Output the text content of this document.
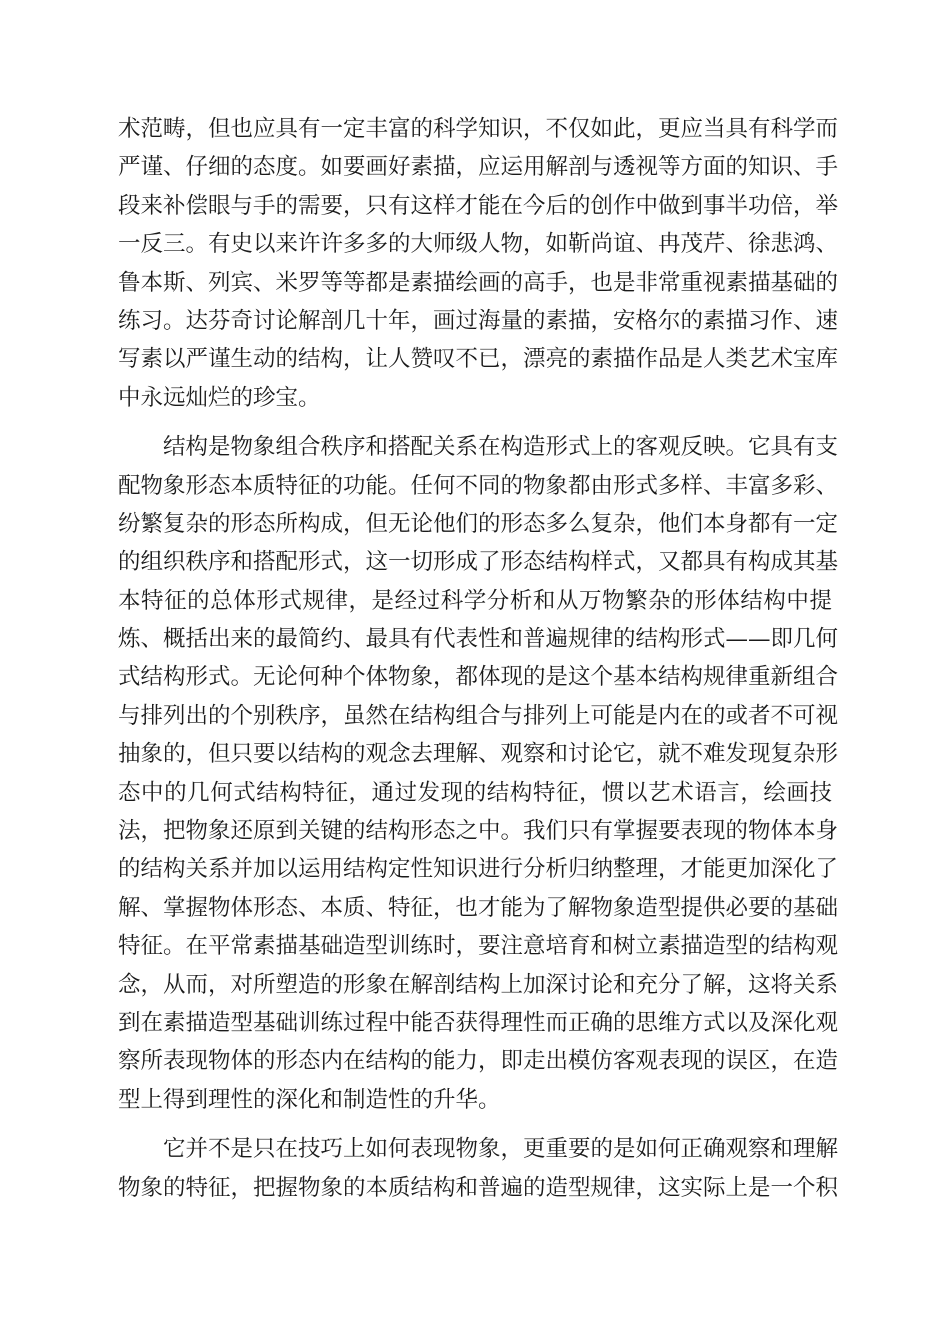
术范畴，但也应具有一定丰富的科学知识，不仅如此，更应当具有科学而
严谨、仔细的态度。如要画好素描，应运用解剖与透视等方面的知识、手
段来补偿眼与手的需要，只有这样才能在今后的创作中做到事半功倍，举
一反三。有史以来许许多多的大师级人物，如靳尚谊、冉茂芹、徐悲鸿、
鲁本斯、列宾、米罗等等都是素描绘画的高手，也是非常重视素描基础的
练习。达芬奇讨论解剖几十年，画过海量的素描，安格尔的素描习作、速
写素以严谨生动的结构，让人赞叹不已，漂亮的素描作品是人类艺术宝库
中永远灿烂的珍宝。
结构是物象组合秩序和搭配关系在构造形式上的客观反映。它具有支
配物象形态本质特征的功能。任何不同的物象都由形式多样、丰富多彩、
纷繁复杂的形态所构成，但无论他们的形态多么复杂，他们本身都有一定
的组织秩序和搭配形式，这一切形成了形态结构样式，又都具有构成其基
本特征的总体形式规律，是经过科学分析和从万物繁杂的形体结构中提
炼、概括出来的最简约、最具有代表性和普遍规律的结构形式——即几何
式结构形式。无论何种个体物象，都体现的是这个基本结构规律重新组合
与排列出的个别秩序，虽然在结构组合与排列上可能是内在的或者不可视
抽象的，但只要以结构的观念去理解、观察和讨论它，就不难发现复杂形
态中的几何式结构特征，通过发现的结构特征，惯以艺术语言，绘画技
法，把物象还原到关键的结构形态之中。我们只有掌握要表现的物体本身
的结构关系并加以运用结构定性知识进行分析归纳整理，才能更加深化了
解、掌握物体形态、本质、特征，也才能为了解物象造型提供必要的基础
特征。在平常素描基础造型训练时，要注意培育和树立素描造型的结构观
念，从而，对所塑造的形象在解剖结构上加深讨论和充分了解，这将关系
到在素描造型基础训练过程中能否获得理性而正确的思维方式以及深化观
察所表现物体的形态内在结构的能力，即走出模仿客观表现的误区，在造
型上得到理性的深化和制造性的升华。
它并不是只在技巧上如何表现物象，更重要的是如何正确观察和理解
物象的特征，把握物象的本质结构和普遍的造型规律，这实际上是一个积
